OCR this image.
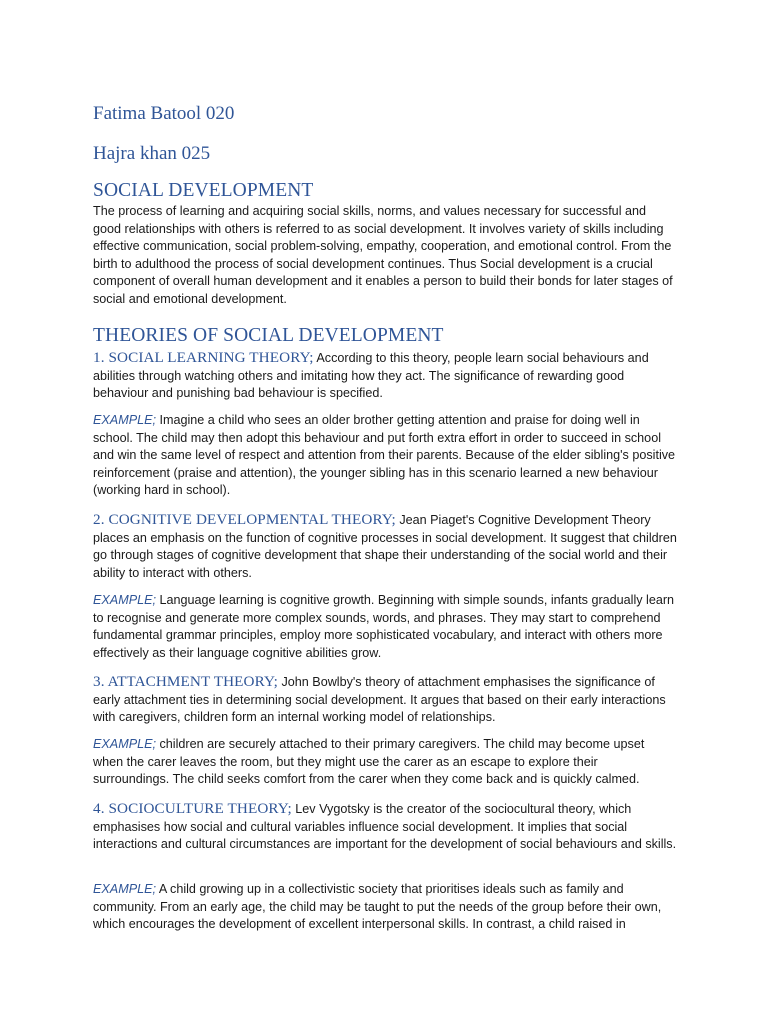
Fatima Batool 020
Hajra khan 025
SOCIAL DEVELOPMENT
The process of learning and acquiring social skills, norms, and values necessary for successful and good relationships with others is referred to as social development. It involves variety of skills including effective communication, social problem-solving, empathy, cooperation, and emotional control. From the birth to adulthood the process of social development continues. Thus Social development is a crucial component of overall human development and it enables a person to build their bonds for later stages of social and emotional development.
THEORIES OF SOCIAL DEVELOPMENT
1. SOCIAL LEARNING THEORY; According to this theory, people learn social behaviours and abilities through watching others and imitating how they act. The significance of rewarding good behaviour and punishing bad behaviour is specified.
EXAMPLE; Imagine a child who sees an older brother getting attention and praise for doing well in school. The child may then adopt this behaviour and put forth extra effort in order to succeed in school and win the same level of respect and attention from their parents. Because of the elder sibling's positive reinforcement (praise and attention), the younger sibling has in this scenario learned a new behaviour (working hard in school).
2. COGNITIVE DEVELOPMENTAL THEORY; Jean Piaget's Cognitive Development Theory places an emphasis on the function of cognitive processes in social development. It suggest that children go through stages of cognitive development that shape their understanding of the social world and their ability to interact with others.
EXAMPLE; Language learning is cognitive growth. Beginning with simple sounds, infants gradually learn to recognise and generate more complex sounds, words, and phrases. They may start to comprehend fundamental grammar principles, employ more sophisticated vocabulary, and interact with others more effectively as their language cognitive abilities grow.
3. ATTACHMENT THEORY; John Bowlby's theory of attachment emphasises the significance of early attachment ties in determining social development. It argues that based on their early interactions with caregivers, children form an internal working model of relationships.
EXAMPLE; children are securely attached to their primary caregivers. The child may become upset when the carer leaves the room, but they might use the carer as an escape to explore their surroundings. The child seeks comfort from the carer when they come back and is quickly calmed.
4. SOCIOCULTURE THEORY; Lev Vygotsky is the creator of the sociocultural theory, which emphasises how social and cultural variables influence social development. It implies that social interactions and cultural circumstances are important for the development of social behaviours and skills.
EXAMPLE; A child growing up in a collectivistic society that prioritises ideals such as family and community. From an early age, the child may be taught to put the needs of the group before their own, which encourages the development of excellent interpersonal skills. In contrast, a child raised in
